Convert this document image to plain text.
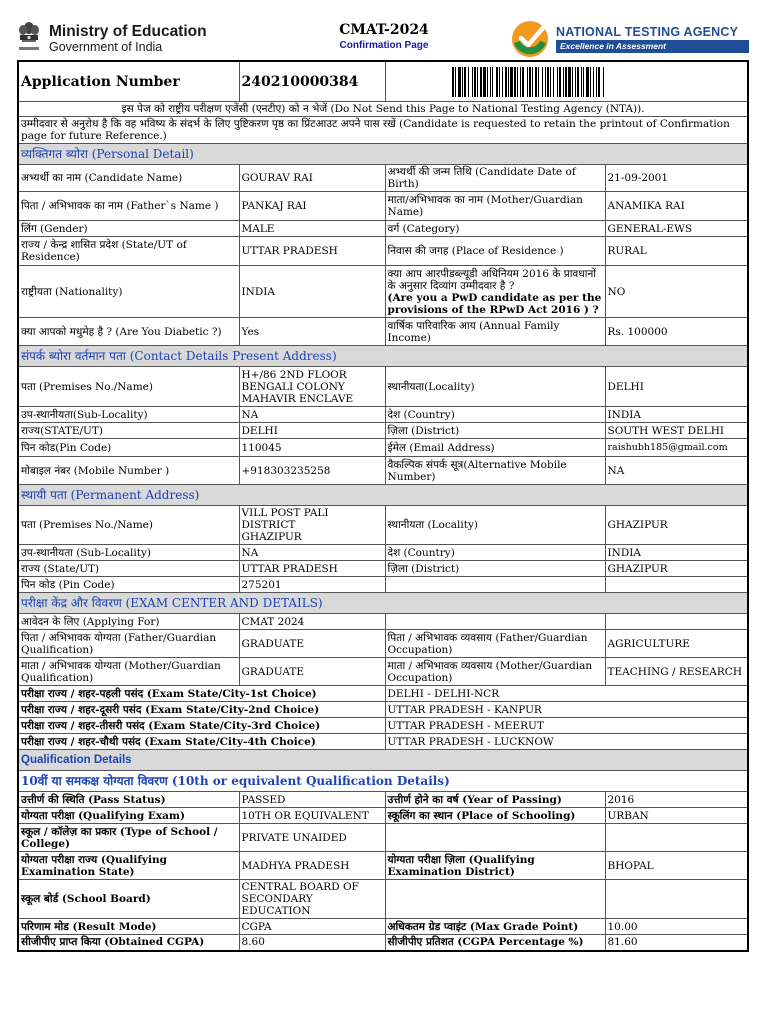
Ministry of Education
Government of India
CMAT-2024
Confirmation Page
NATIONAL TESTING AGENCY
Excellence in Assessment
Application Number	240210000384		

इस पेज को राष्ट्रीय परीक्षण एजेंसी (एनटीए) को न भेजें (Do Not Send this Page to National Testing Agency (NTA)).			
उम्मीदवार से अनुरोध है कि वह भविष्य के संदर्भ के लिए पुष्टिकरण पृष्ठ का प्रिंटआउट अपने पास रखें (Candidate is requested to retain the printout of Confirmation page for future Reference.)			
व्यक्तिगत ब्योरा (Personal Detail)			
अभ्यर्थी का नाम (Candidate Name)	GOURAV RAI	अभ्यर्थी की जन्म तिथि (Candidate Date of Birth)	21-09-2001
पिता / अभिभावक का नाम (Father`s Name )	PANKAJ RAI	माता/अभिभावक का नाम (Mother/Guardian Name)	ANAMIKA RAI
लिंग (Gender)	MALE	वर्ग (Category)	GENERAL-EWS
राज्य / केन्द्र शासित प्रदेश (State/UT of Residence)	UTTAR PRADESH	निवास की जगह (Place of Residence )	RURAL
राष्ट्रीयता (Nationality)	INDIA	क्या आप आरपीडब्ल्यूडी अधिनियम 2016 के प्रावधानों के अनुसार दिव्यांग उम्मीदवार है ?
(Are you a PwD candidate as per the provisions of the RPwD Act 2016 ) ?	NO
क्या आपको मधुमेह है ? (Are You Diabetic ?)	Yes	वार्षिक पारिवारिक आय (Annual Family Income)	Rs. 100000
संपर्क ब्योरा वर्तमान पता (Contact Details Present Address)			
पता (Premises No./Name)	H+/86 2ND FLOOR
BENGALI COLONY
MAHAVIR ENCLAVE	स्थानीयता(Locality)	DELHI
उप-स्थानीयता(Sub-Locality)	NA	देश (Country)	INDIA
राज्य(STATE/UT)	DELHI	ज़िला (District)	SOUTH WEST DELHI
पिन कोड(Pin Code)	110045	ईमेल (Email Address)	raishubh185@gmail.com
मोबाइल नंबर (Mobile Number )	+918303235258	वैकल्पिक संपर्क सूत्र(Alternative Mobile Number)	NA
स्थायी पता (Permanent Address)			
पता (Premises No./Name)	VILL POST PALI DISTRICT
GHAZIPUR	स्थानीयता (Locality)	GHAZIPUR
उप-स्थानीयता (Sub-Locality)	NA	देश (Country)	INDIA
राज्य (State/UT)	UTTAR PRADESH	ज़िला (District)	GHAZIPUR
पिन कोड (Pin Code)	275201		
परीक्षा केंद्र और विवरण (EXAM CENTER AND DETAILS)			
आवेदन के लिए (Applying For)	CMAT 2024		
पिता / अभिभावक योग्यता (Father/Guardian Qualification)	GRADUATE	पिता / अभिभावक व्यवसाय (Father/Guardian Occupation)	AGRICULTURE
माता / अभिभावक योग्यता (Mother/Guardian Qualification)	GRADUATE	माता / अभिभावक व्यवसाय (Mother/Guardian Occupation)	TEACHING / RESEARCH
परीक्षा राज्य / शहर-पहली पसंद (Exam State/City-1st Choice)		DELHI - DELHI-NCR	
परीक्षा राज्य / शहर-दूसरी पसंद (Exam State/City-2nd Choice)		UTTAR PRADESH - KANPUR	
परीक्षा राज्य / शहर-तीसरी पसंद (Exam State/City-3rd Choice)		UTTAR PRADESH - MEERUT	
परीक्षा राज्य / शहर-चौथी पसंद (Exam State/City-4th Choice)		UTTAR PRADESH - LUCKNOW	
Qualification Details			
10वीं या समकक्ष योग्यता विवरण (10th or equivalent Qualification Details)			
उत्तीर्ण की स्थिति (Pass Status)	PASSED	उत्तीर्ण होने का वर्ष (Year of Passing)	2016
योग्यता परीक्षा (Qualifying Exam)	10TH OR EQUIVALENT	स्कूलिंग का स्थान (Place of Schooling)	URBAN
स्कूल / कॉलेज़ का प्रकार (Type of School / College)	PRIVATE UNAIDED		
योग्यता परीक्षा राज्य (Qualifying Examination State)	MADHYA PRADESH	योग्यता परीक्षा ज़िला (Qualifying Examination District)	BHOPAL
स्कूल बोर्ड (School Board)	CENTRAL BOARD OF
SECONDARY EDUCATION		

परिणाम मोड (Result Mode)	CGPA	अधिकतम ग्रेड प्वाइंट (Max Grade Point)	10.00
सीजीपीए प्राप्त किया (Obtained CGPA)	8.60	सीजीपीए प्रतिशत (CGPA Percentage %)	81.60
